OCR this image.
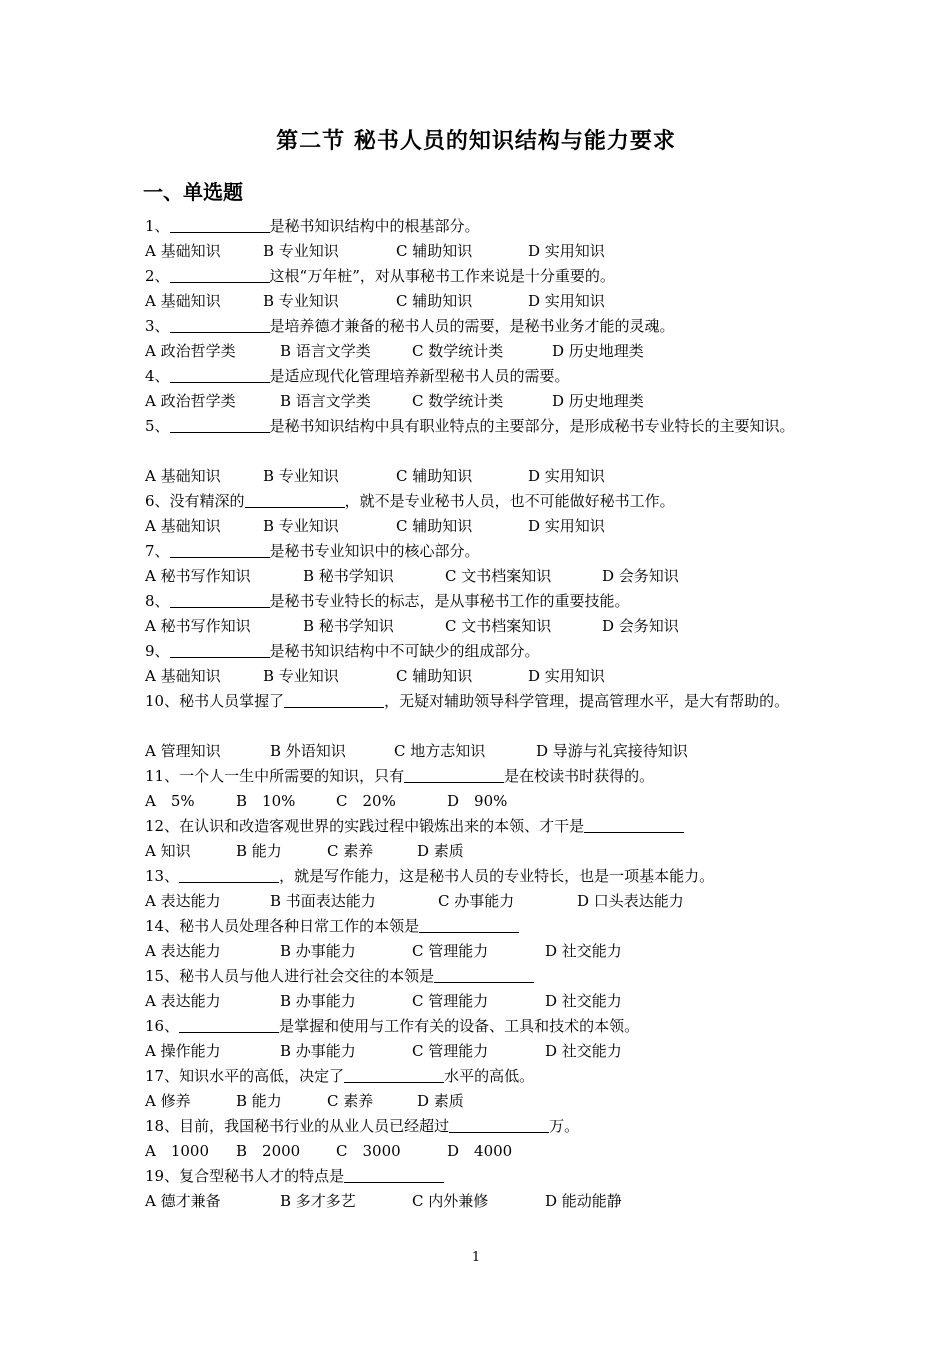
第二节 秘书人员的知识结构与能力要求
一、单选题
1、	是秘书知识结构中的根基部分。
A 基础知识	B 专业知识	C 辅助知识	D 实用知识
2、	这根“万年桩”，对从事秘书工作来说是十分重要的。
A 基础知识	B 专业知识	C 辅助知识	D 实用知识
3、	是培养德才兼备的秘书人员的需要，是秘书业务才能的灵魂。
A 政治哲学类	B 语言文学类	C 数学统计类	D 历史地理类
4、	是适应现代化管理培养新型秘书人员的需要。
A 政治哲学类	B 语言文学类	C 数学统计类	D 历史地理类
5、	是秘书知识结构中具有职业特点的主要部分，是形成秘书专业特长的主要知识。
A 基础知识	B 专业知识	C 辅助知识	D 实用知识
6、没有精深的	，就不是专业秘书人员，也不可能做好秘书工作。
A 基础知识	B 专业知识	C 辅助知识	D 实用知识
7、	是秘书专业知识中的核心部分。
A 秘书写作知识	B 秘书学知识	C 文书档案知识	D 会务知识
8、	是秘书专业特长的标志，是从事秘书工作的重要技能。
A 秘书写作知识	B 秘书学知识	C 文书档案知识	D 会务知识
9、	是秘书知识结构中不可缺少的组成部分。
A 基础知识	B 专业知识	C 辅助知识	D 实用知识
10、秘书人员掌握了	，无疑对辅助领导科学管理，提高管理水平，是大有帮助的。
A 管理知识	B 外语知识	C 地方志知识	D 导游与礼宾接待知识
11、一个人一生中所需要的知识，只有	是在校读书时获得的。
A　5%	B　10%	C　20%	D　90%
12、在认识和改造客观世界的实践过程中锻炼出来的本领、才干是
A 知识	B 能力	C 素养	D 素质
13、	，就是写作能力，这是秘书人员的专业特长，也是一项基本能力。
A 表达能力	B 书面表达能力	C 办事能力	D 口头表达能力
14、秘书人员处理各种日常工作的本领是
A 表达能力	B 办事能力	C 管理能力	D 社交能力
15、秘书人员与他人进行社会交往的本领是
A 表达能力	B 办事能力	C 管理能力	D 社交能力
16、	是掌握和使用与工作有关的设备、工具和技术的本领。
A 操作能力	B 办事能力	C 管理能力	D 社交能力
17、知识水平的高低，决定了	水平的高低。
A 修养	B 能力	C 素养	D 素质
18、目前，我国秘书行业的从业人员已经超过	万。
A　1000 B　2000 C　3000	D　4000
19、复合型秘书人才的特点是
A 德才兼备	B 多才多艺	C 内外兼修	D 能动能静
1
